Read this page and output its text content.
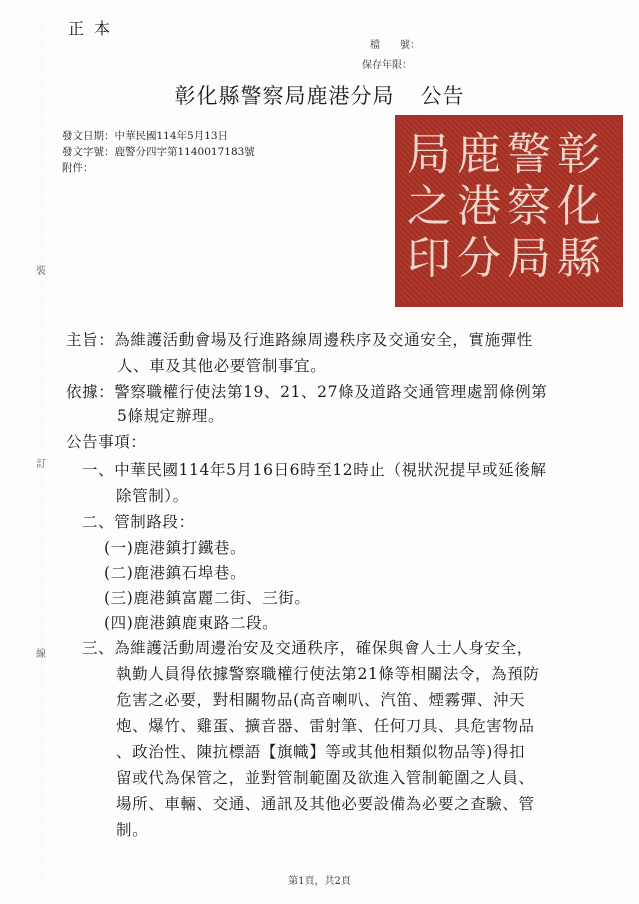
正本
檔　　號：
保存年限：
彰化縣警察局鹿港分局 公告
發文日期：中華民國114年5月13日
發文字號：鹿警分四字第1140017183號
附件：	彰
化
縣
警
察
局
鹿
港
分
局
之
印
裝
訂
線
主旨：為維護活動會場及行進路線周邊秩序及交通安全，實施彈性
人、車及其他必要管制事宜。
依據：警察職權行使法第19、21、27條及道路交通管理處罰條例第
5條規定辦理。
公告事項：
一、中華民國114年5月16日6時至12時止（視狀況提早或延後解
除管制）。
二、管制路段：
(一)鹿港鎮打鐵巷。
(二)鹿港鎮石埠巷。
(三)鹿港鎮富麗二街、三街。
(四)鹿港鎮鹿東路二段。
三、為維護活動周邊治安及交通秩序，確保與會人士人身安全，
執勤人員得依據警察職權行使法第21條等相關法令，為預防
危害之必要，對相關物品(高音喇叭、汽笛、煙霧彈、沖天
炮、爆竹、雞蛋、擴音器、雷射筆、任何刀具、具危害物品
、政治性、陳抗標語【旗幟】等或其他相類似物品等)得扣
留或代為保管之，並對管制範圍及欲進入管制範圍之人員、
場所、車輛、交通、通訊及其他必要設備為必要之查驗、管
制。
第1頁，共2頁
